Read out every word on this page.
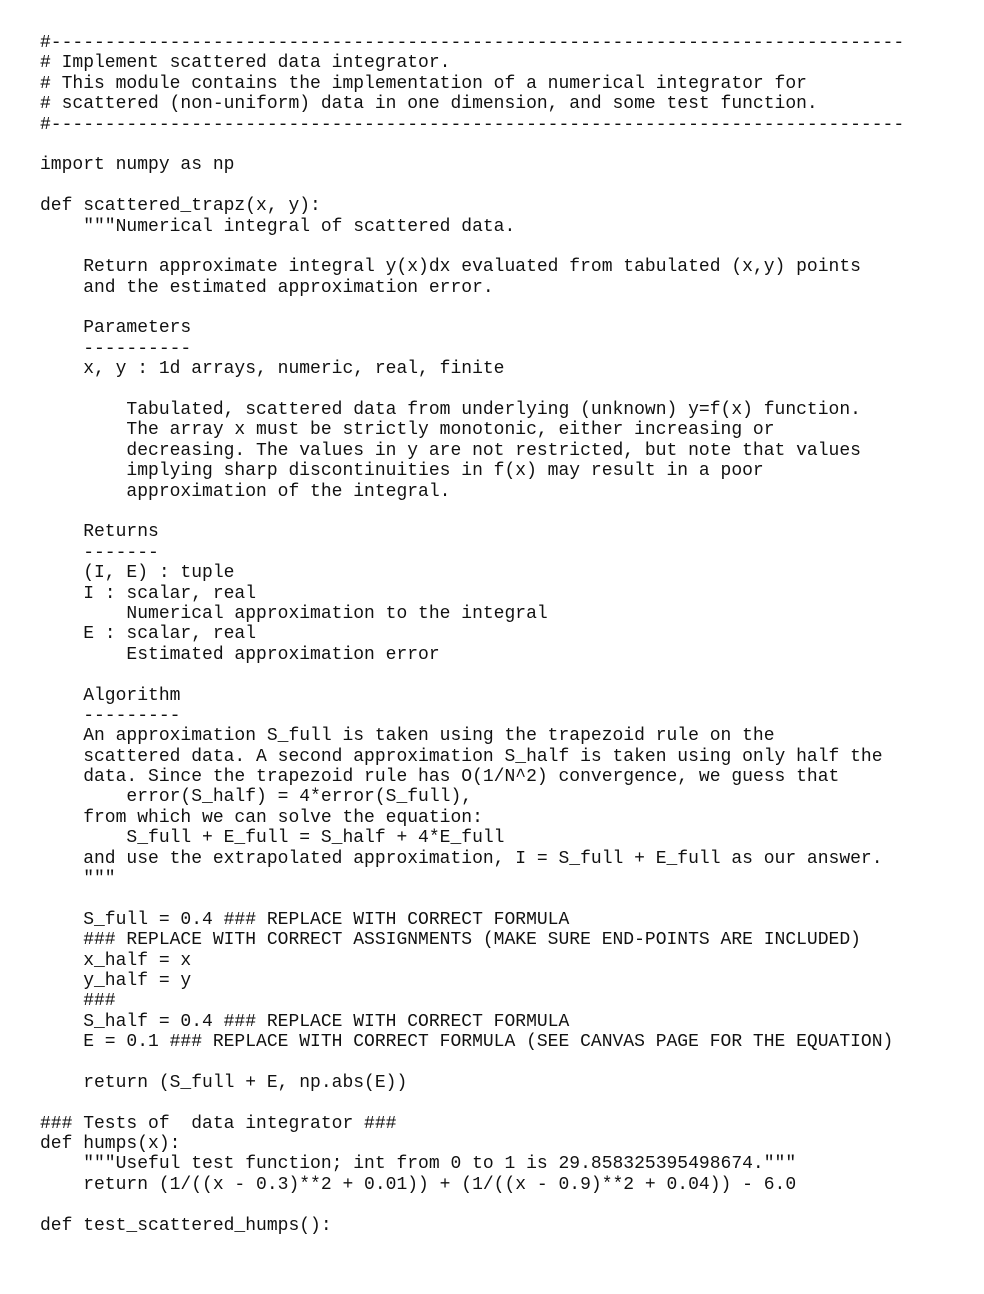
#-------------------------------------------------------------------------------
# Implement scattered data integrator.
# This module contains the implementation of a numerical integrator for
# scattered (non-uniform) data in one dimension, and some test function.
#-------------------------------------------------------------------------------
import numpy as np
def scattered_trapz(x, y):
"""Numerical integral of scattered data.
Return approximate integral y(x)dx evaluated from tabulated (x,y) points
and the estimated approximation error.
Parameters
----------
x, y : 1d arrays, numeric, real, finite
Tabulated, scattered data from underlying (unknown) y=f(x) function.
The array x must be strictly monotonic, either increasing or
decreasing. The values in y are not restricted, but note that values
implying sharp discontinuities in f(x) may result in a poor
approximation of the integral.
Returns
-------
(I, E) : tuple
I : scalar, real
Numerical approximation to the integral
E : scalar, real
Estimated approximation error
Algorithm
---------
An approximation S_full is taken using the trapezoid rule on the
scattered data. A second approximation S_half is taken using only half the
data. Since the trapezoid rule has O(1/N^2) convergence, we guess that
error(S_half) = 4*error(S_full),
from which we can solve the equation:
S_full + E_full = S_half + 4*E_full
and use the extrapolated approximation, I = S_full + E_full as our answer.
"""
S_full = 0.4 ### REPLACE WITH CORRECT FORMULA
### REPLACE WITH CORRECT ASSIGNMENTS (MAKE SURE END-POINTS ARE INCLUDED)
x_half = x
y_half = y
###
S_half = 0.4 ### REPLACE WITH CORRECT FORMULA
E = 0.1 ### REPLACE WITH CORRECT FORMULA (SEE CANVAS PAGE FOR THE EQUATION)
return (S_full + E, np.abs(E))
### Tests of  data integrator ###
def humps(x):
"""Useful test function; int from 0 to 1 is 29.858325395498674."""
return (1/((x - 0.3)**2 + 0.01)) + (1/((x - 0.9)**2 + 0.04)) - 6.0
def test_scattered_humps():
